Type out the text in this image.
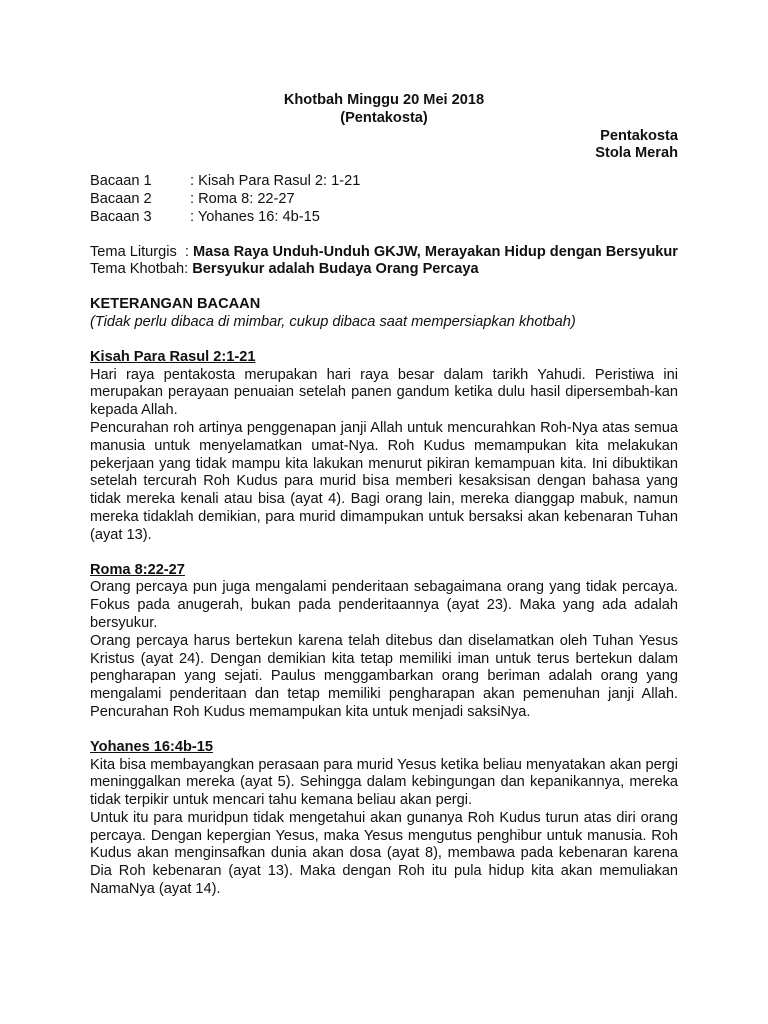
Khotbah Minggu 20 Mei 2018

(Pentakosta)

Pentakosta

Stola Merah

Bacaan 1	: Kisah Para Rasul 2: 1-21
Bacaan 2	: Roma 8: 22-27
Bacaan 3	: Yohanes 16: 4b-15
Tema Liturgis  : Masa Raya Unduh-Unduh GKJW, Merayakan Hidup dengan Bersyukur
Tema Khotbah: Bersyukur adalah Budaya Orang Percaya
KETERANGAN BACAAN
(Tidak perlu dibaca di mimbar, cukup dibaca saat mempersiapkan khotbah)
Kisah Para Rasul 2:1-21

Hari raya pentakosta merupakan hari raya besar dalam tarikh Yahudi. Peristiwa ini merupakan perayaan penuaian setelah panen gandum ketika dulu hasil dipersembah-kan kepada Allah.

Pencurahan roh artinya penggenapan janji Allah untuk mencurahkan Roh-Nya atas semua manusia untuk menyelamatkan umat-Nya. Roh Kudus memampukan kita melakukan pekerjaan yang tidak mampu kita lakukan menurut pikiran kemampuan kita. Ini dibuktikan setelah tercurah Roh Kudus para murid bisa memberi kesaksisan dengan bahasa yang tidak mereka kenali atau bisa (ayat 4). Bagi orang lain, mereka dianggap mabuk, namun mereka tidaklah demikian, para murid dimampukan untuk bersaksi akan kebenaran Tuhan (ayat 13).

Roma 8:22-27

Orang percaya pun juga mengalami penderitaan sebagaimana orang yang tidak percaya. Fokus pada anugerah, bukan pada penderitaannya (ayat 23). Maka yang ada adalah bersyukur.

Orang percaya harus bertekun karena telah ditebus dan diselamatkan oleh Tuhan Yesus Kristus (ayat 24). Dengan demikian kita tetap memiliki iman untuk terus bertekun dalam pengharapan yang sejati. Paulus menggambarkan orang beriman adalah orang yang mengalami penderitaan dan tetap memiliki pengharapan akan pemenuhan janji Allah. Pencurahan Roh Kudus memampukan kita untuk menjadi saksiNya.

Yohanes 16:4b-15

Kita bisa membayangkan perasaan para murid Yesus ketika beliau menyatakan akan pergi meninggalkan mereka (ayat 5). Sehingga dalam kebingungan dan kepanikannya, mereka tidak terpikir untuk mencari tahu kemana beliau akan pergi.

Untuk itu para muridpun tidak mengetahui akan gunanya Roh Kudus turun atas diri orang percaya. Dengan kepergian Yesus, maka Yesus mengutus penghibur untuk manusia. Roh Kudus akan menginsafkan dunia akan dosa (ayat 8), membawa pada kebenaran karena Dia Roh kebenaran (ayat 13). Maka dengan Roh itu pula hidup kita akan memuliakan NamaNya (ayat 14).
